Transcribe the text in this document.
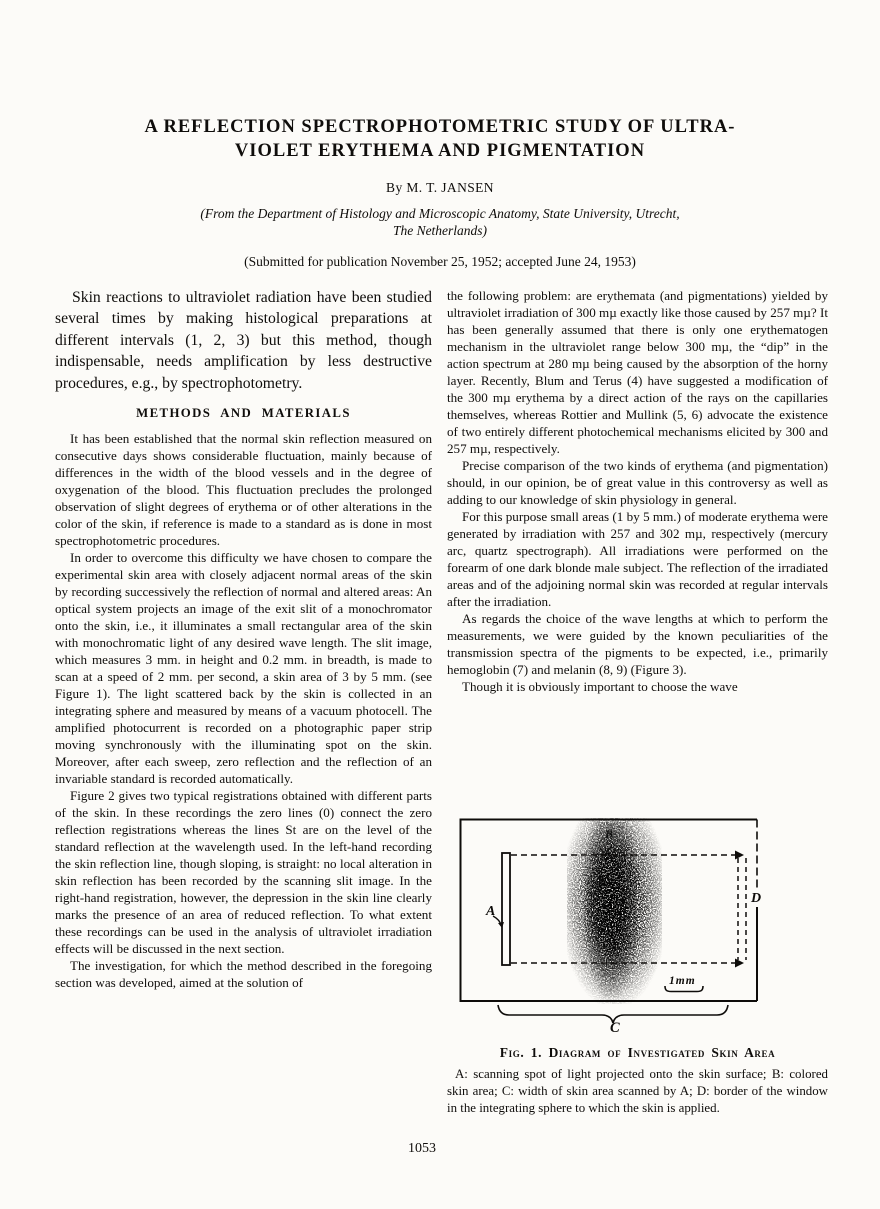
A REFLECTION SPECTROPHOTOMETRIC STUDY OF ULTRA-
VIOLET ERYTHEMA AND PIGMENTATION
By M. T. JANSEN
(From the Department of Histology and Microscopic Anatomy, State University, Utrecht,
The Netherlands)
(Submitted for publication November 25, 1952; accepted June 24, 1953)

Skin reactions to ultraviolet radiation have been studied several times by making histological preparations at different intervals (1, 2, 3) but this method, though indispensable, needs amplification by less destructive procedures, e.g., by spectrophotometry.

METHODS AND MATERIALS

It has been established that the normal skin reflection measured on consecutive days shows considerable fluctuation, mainly because of differences in the width of the blood vessels and in the degree of oxygenation of the blood. This fluctuation precludes the prolonged observation of slight degrees of erythema or of other alterations in the color of the skin, if reference is made to a standard as is done in most spectrophotometric procedures.

In order to overcome this difficulty we have chosen to compare the experimental skin area with closely adjacent normal areas of the skin by recording successively the reflection of normal and altered areas: An optical system projects an image of the exit slit of a monochromator onto the skin, i.e., it illuminates a small rectangular area of the skin with monochromatic light of any desired wave length. The slit image, which measures 3 mm. in height and 0.2 mm. in breadth, is made to scan at a speed of 2 mm. per second, a skin area of 3 by 5 mm. (see Figure 1). The light scattered back by the skin is collected in an integrating sphere and measured by means of a vacuum photocell. The amplified photocurrent is recorded on a photographic paper strip moving synchronously with the illuminating spot on the skin. Moreover, after each sweep, zero reflection and the reflection of an invariable standard is recorded automatically.

Figure 2 gives two typical registrations obtained with different parts of the skin. In these recordings the zero lines (0) connect the zero reflection registrations whereas the lines St are on the level of the standard reflection at the wavelength used. In the left-hand recording the skin reflection line, though sloping, is straight: no local alteration in skin reflection has been recorded by the scanning slit image. In the right-hand registration, however, the depression in the skin line clearly marks the presence of an area of reduced reflection. To what extent these recordings can be used in the analysis of ultraviolet irradiation effects will be discussed in the next section.

The investigation, for which the method described in the foregoing section was developed, aimed at the solution of

the following problem: are erythemata (and pigmentations) yielded by ultraviolet irradiation of 300 mµ exactly like those caused by 257 mµ? It has been generally assumed that there is only one erythematogen mechanism in the ultraviolet range below 300 mµ, the “dip” in the action spectrum at 280 mµ being caused by the absorption of the horny layer. Recently, Blum and Terus (4) have suggested a modification of the 300 mµ erythema by a direct action of the rays on the capillaries themselves, whereas Rottier and Mullink (5, 6) advocate the existence of two entirely different photochemical mechanisms elicited by 300 and 257 mµ, respectively.

Precise comparison of the two kinds of erythema (and pigmentation) should, in our opinion, be of great value in this controversy as well as adding to our knowledge of skin physiology in general.

For this purpose small areas (1 by 5 mm.) of moderate erythema were generated by irradiation with 257 and 302 mµ, respectively (mercury arc, quartz spectrograph). All irradiations were performed on the forearm of one dark blonde male subject. The reflection of the irradiated areas and of the adjoining normal skin was recorded at regular intervals after the irradiation.

As regards the choice of the wave lengths at which to perform the measurements, we were guided by the known peculiarities of the transmission spectra of the pigments to be expected, i.e., primarily hemoglobin (7) and melanin (8, 9) (Figure 3).

Though it is obviously important to choose the wave

A
B
D
1mm
C
Fig. 1. Diagram of Investigated Skin Area
A: scanning spot of light projected onto the skin surface; B: colored skin area; C: width of skin area scanned by A; D: border of the window in the integrating sphere to which the skin is applied.
1053
